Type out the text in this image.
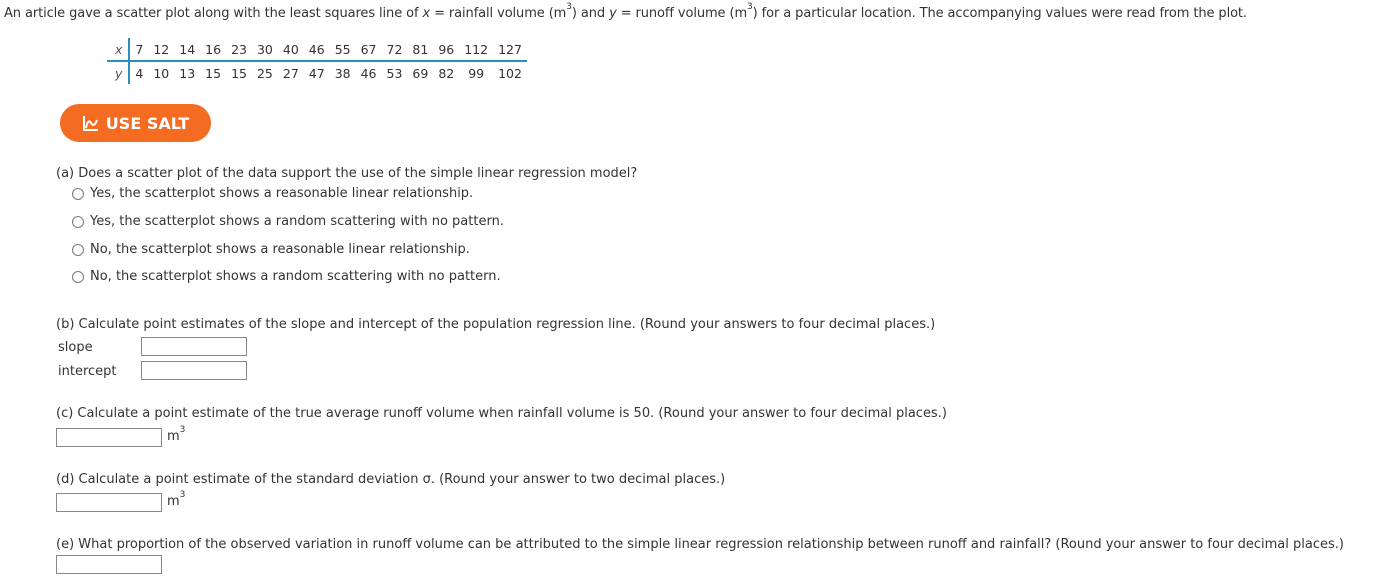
An article gave a scatter plot along with the least squares line of x = rainfall volume $(m^3)$ and y = runoff volume $(m^3)$ for a particular location. The accompanying values were read from the plot.
x	7	12	14	16	23	30	40	46	55	67	72	81	96	112	127
y	4	10	13	15	15	25	27	47	38	46	53	69	82	99	102
USE SALT
(a) Does a scatter plot of the data support the use of the simple linear regression model?
Yes, the scatterplot shows a reasonable linear relationship.
Yes, the scatterplot shows a random scattering with no pattern.
No, the scatterplot shows a reasonable linear relationship.
No, the scatterplot shows a random scattering with no pattern.
(b) Calculate point estimates of the slope and intercept of the population regression line. (Round your answers to four decimal places.)
slope
intercept
(c) Calculate a point estimate of the true average runoff volume when rainfall volume is 50. (Round your answer to four decimal places.)
$m^3$
(d) Calculate a point estimate of the standard deviation σ. (Round your answer to two decimal places.)
$m^3$
(e) What proportion of the observed variation in runoff volume can be attributed to the simple linear regression relationship between runoff and rainfall? (Round your answer to four decimal places.)
